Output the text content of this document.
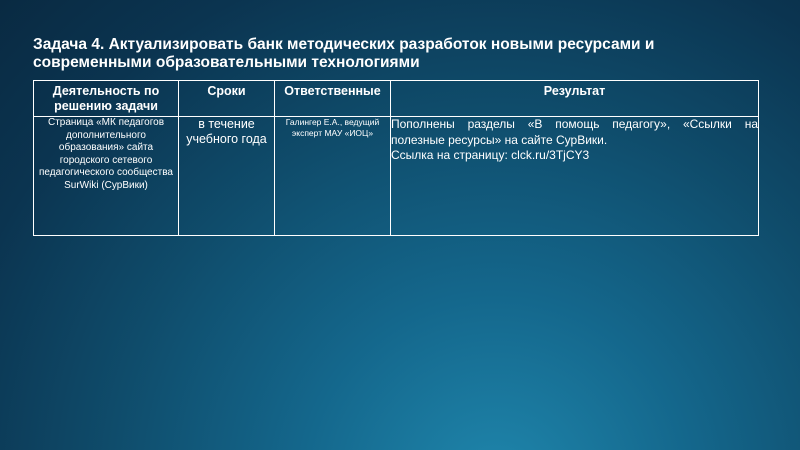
Задача 4. Актуализировать банк методических разработок новыми ресурсами и современными образовательными технологиями
Деятельность по решению задачи	Сроки	Ответственные	Результат
Страница «МК педагогов дополнительного образования» сайта городского сетевого педагогического сообщества SurWiki (СурВики)	в течение учебного года	Галингер Е.А., ведущий эксперт МАУ «ИОЦ»	Пополнены разделы «В помощь педагогу», «Ссылки на полезные ресурсы» на сайте СурВики.

Ссылка на страницу: clck.ru/3TjCY3
